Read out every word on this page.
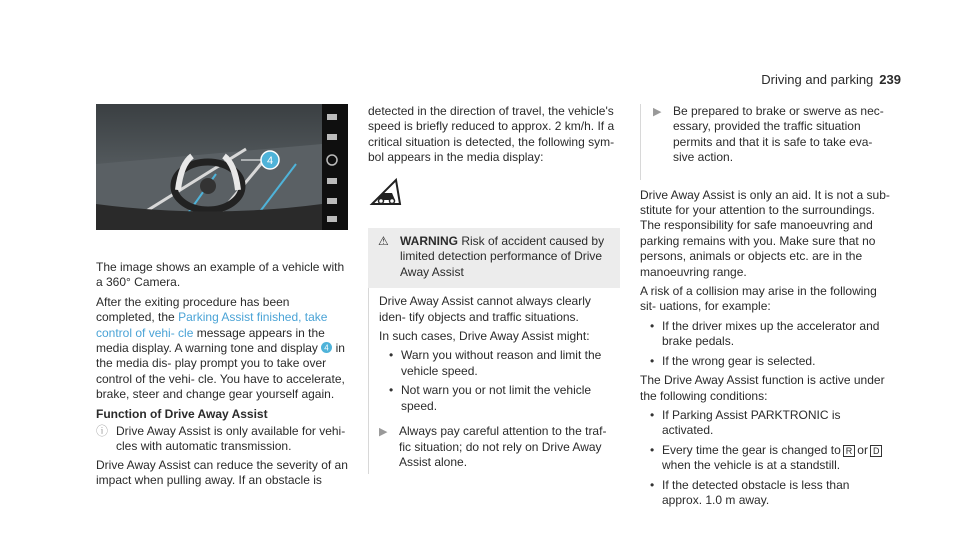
Driving and parking 239
4

The image shows an example of a vehicle with a 360° Camera.

After the exiting procedure has been completed, the Parking Assist finished, take control of vehi- cle message appears in the media display. A warning tone and display 4 in the media dis- play prompt you to take over control of the vehi- cle. You have to accelerate, brake, steer and change gear yourself again.

Function of Drive Away Assist

ⓘ Drive Away Assist is only available for vehi- cles with automatic transmission.

Drive Away Assist can reduce the severity of an impact when pulling away. If an obstacle is

detected in the direction of travel, the vehicle's speed is briefly reduced to approx. 2 km/h. If a critical situation is detected, the following sym- bol appears in the media display:

⚠ WARNING Risk of accident caused by limited detection performance of Drive Away Assist

Drive Away Assist cannot always clearly iden- tify objects and traffic situations.

In such cases, Drive Away Assist might:

• Warn you without reason and limit the vehicle speed.
• Not warn you or not limit the vehicle speed.
▶ Always pay careful attention to the traf- fic situation; do not rely on Drive Away Assist alone.
▶ Be prepared to brake or swerve as nec- essary, provided the traffic situation permits and that it is safe to take eva- sive action.

Drive Away Assist is only an aid. It is not a sub- stitute for your attention to the surroundings. The responsibility for safe manoeuvring and parking remains with you. Make sure that no persons, animals or objects etc. are in the manoeuvring range.

A risk of a collision may arise in the following sit- uations, for example:

• If the driver mixes up the accelerator and brake pedals.
• If the wrong gear is selected.

The Drive Away Assist function is active under the following conditions:

• If Parking Assist PARKTRONIC is activated.
• Every time the gear is changed to R or D when the vehicle is at a standstill.
• If the detected obstacle is less than approx. 1.0 m away.
